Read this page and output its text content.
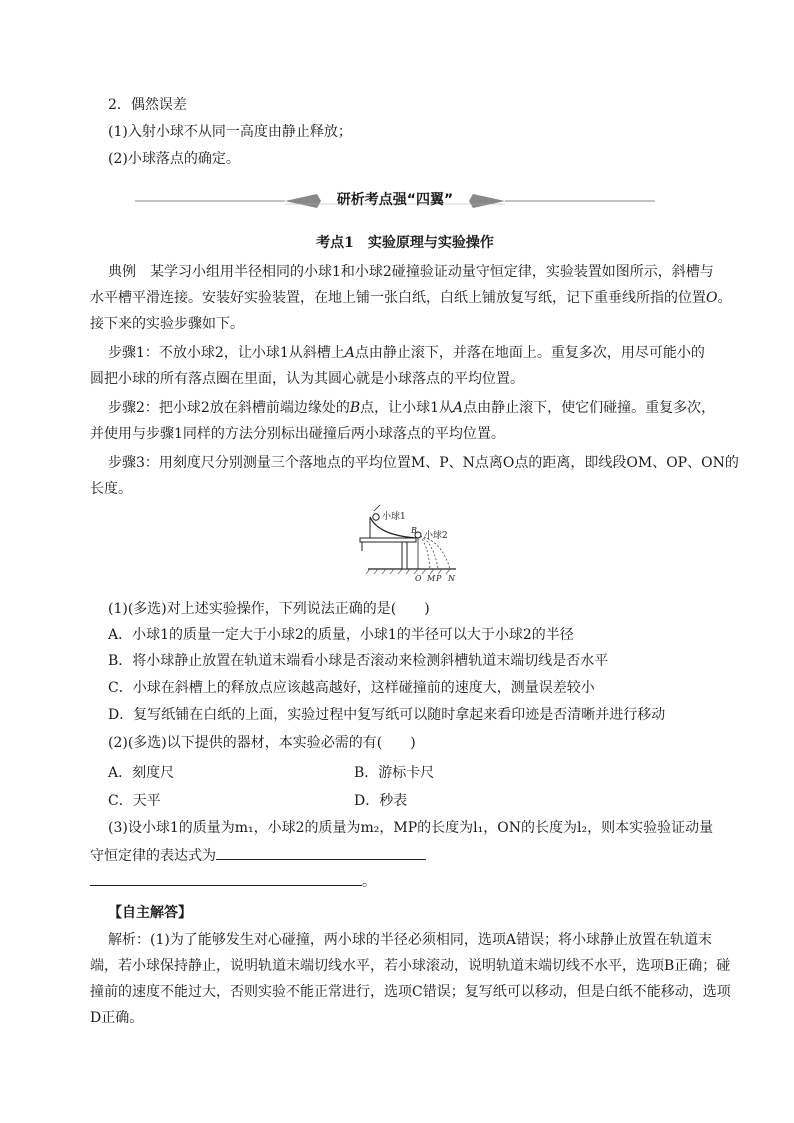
2．偶然误差
(1)入射小球不从同一高度由静止释放；
(2)小球落点的确定。
研析考点强“四翼”
考点1　实验原理与实验操作
典例　某学习小组用半径相同的小球1和小球2碰撞验证动量守恒定律，实验装置如图所示，斜槽与
水平槽平滑连接。安装好实验装置，在地上铺一张白纸，白纸上铺放复写纸，记下重垂线所指的位置O。
接下来的实验步骤如下。
步骤1：不放小球2，让小球1从斜槽上A点由静止滚下，并落在地面上。重复多次，用尽可能小的
圆把小球的所有落点圈在里面，认为其圆心就是小球落点的平均位置。
步骤2：把小球2放在斜槽前端边缘处的B点，让小球1从A点由静止滚下，使它们碰撞。重复多次，
并使用与步骤1同样的方法分别标出碰撞后两小球落点的平均位置。
步骤3：用刻度尺分别测量三个落地点的平均位置M、P、N点离O点的距离，即线段OM、OP、ON的
长度。
小球1
B
小球2
O M P N
(1)(多选)对上述实验操作，下列说法正确的是(　　)
A．小球1的质量一定大于小球2的质量，小球1的半径可以大于小球2的半径
B．将小球静止放置在轨道末端看小球是否滚动来检测斜槽轨道末端切线是否水平
C．小球在斜槽上的释放点应该越高越好，这样碰撞前的速度大，测量误差较小
D．复写纸铺在白纸的上面，实验过程中复写纸可以随时拿起来看印迹是否清晰并进行移动
(2)(多选)以下提供的器材，本实验必需的有(　　)
A．刻度尺	B．游标卡尺
C．天平	D．秒表
(3)设小球1的质量为m₁，小球2的质量为m₂，MP的长度为l₁，ON的长度为l₂，则本实验验证动量
守恒定律的表达式为
。
【自主解答】
解析：(1)为了能够发生对心碰撞，两小球的半径必须相同，选项A错误；将小球静止放置在轨道末
端，若小球保持静止，说明轨道末端切线水平，若小球滚动，说明轨道末端切线不水平，选项B正确；碰
撞前的速度不能过大，否则实验不能正常进行，选项C错误；复写纸可以移动，但是白纸不能移动，选项
D正确。
